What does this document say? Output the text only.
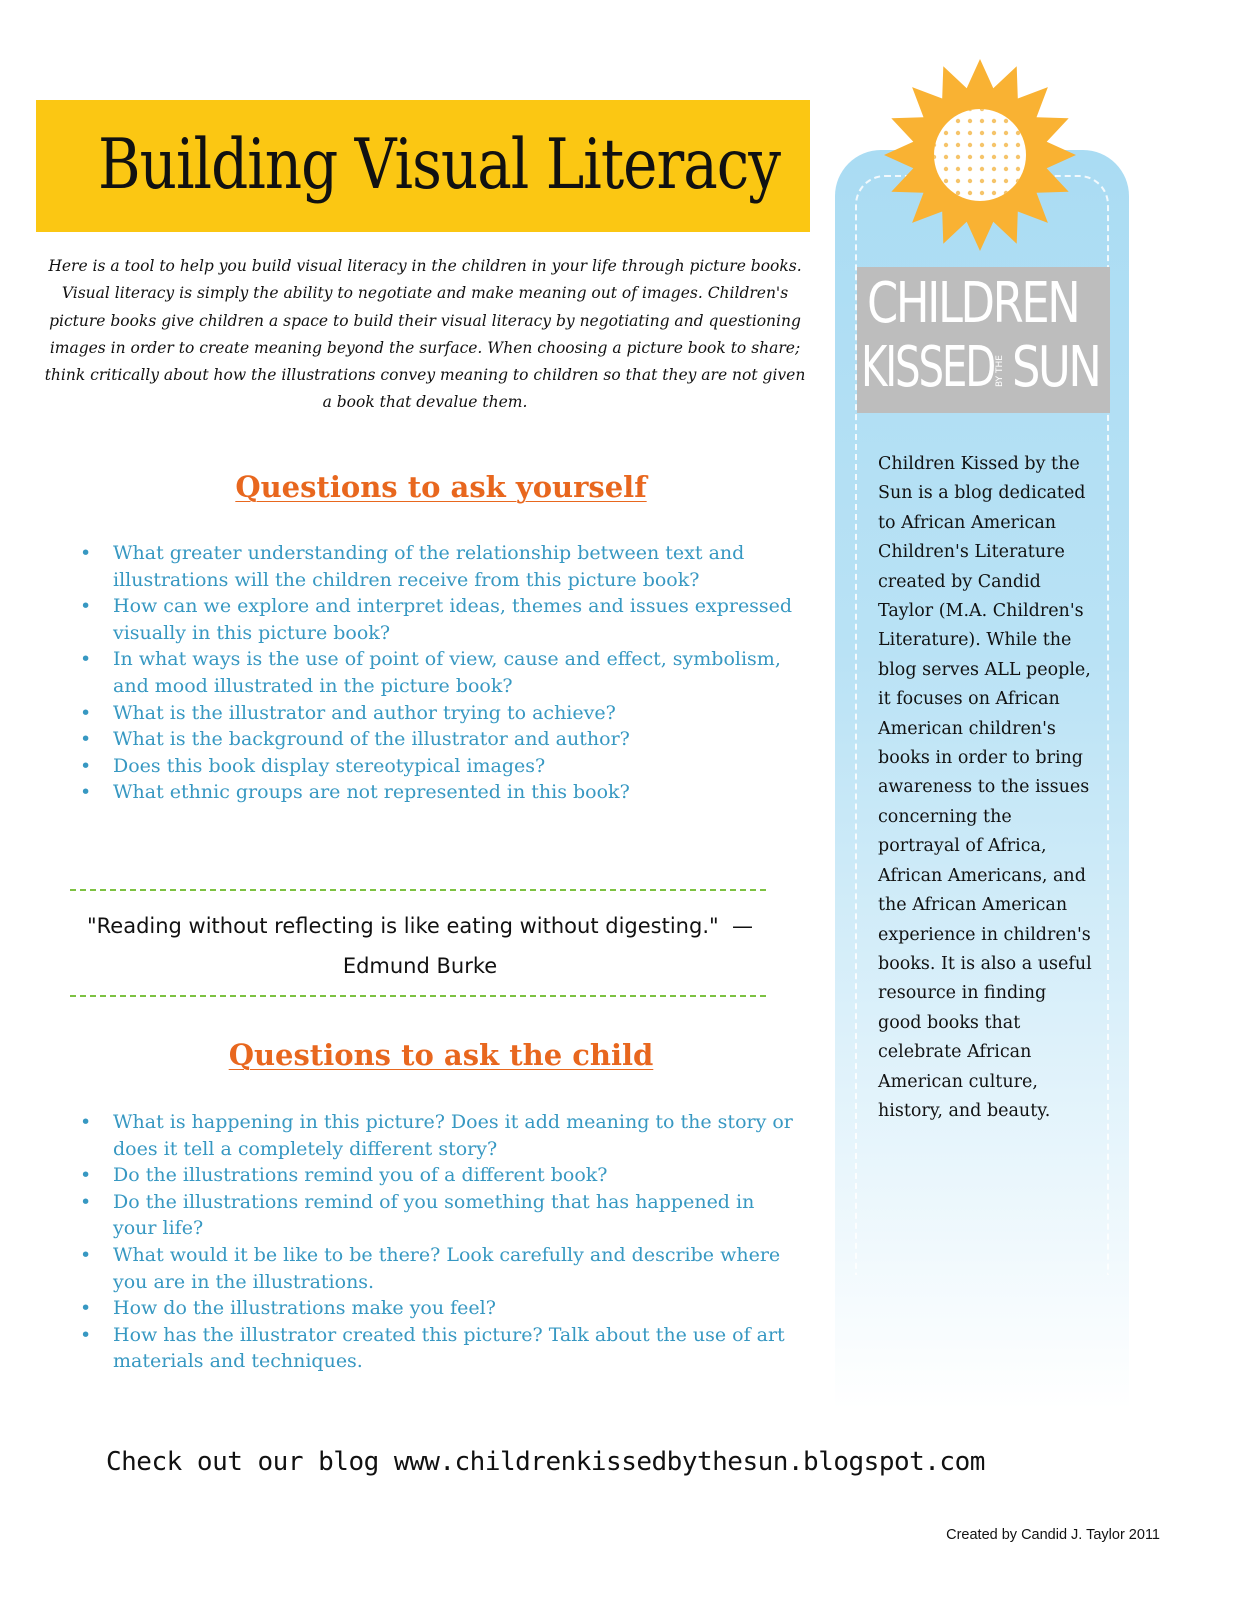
Building Visual Literacy

Here is a tool to help you build visual literacy in the children in your life through picture books. Visual literacy is simply the ability to negotiate and make meaning out of images. Children's picture books give children a space to build their visual literacy by negotiating and questioning images in order to create meaning beyond the surface. When choosing a picture book to share; think critically about how the illustrations convey meaning to children so that they are not given a book that devalue them.

Questions to ask yourself
• What greater understanding of the relationship between text and illustrations will the children receive from this picture book?
• How can we explore and interpret ideas, themes and issues expressed visually in this picture book?
• In what ways is the use of point of view, cause and effect, symbolism, and mood illustrated in the picture book?
• What is the illustrator and author trying to achieve?
• What is the background of the illustrator and author?
• Does this book display stereotypical images?
• What ethnic groups are not represented in this book?
"Reading without reflecting is like eating without digesting." —Edmund Burke
Questions to ask the child
• What is happening in this picture? Does it add meaning to the story or does it tell a completely different story?
• Do the illustrations remind you of a different book?
• Do the illustrations remind of you something that has happened in your life?
• What would it be like to be there? Look carefully and describe where you are in the illustrations.
• How do the illustrations make you feel?
• How has the illustrator created this picture? Talk about the use of art materials and techniques.
CHILDREN
KISSED BY THE SUN

Children Kissed by the Sun is a blog dedicated to African American Children's Literature created by Candid Taylor (M.A. Children's Literature). While the blog serves ALL people, it focuses on African American children's books in order to bring awareness to the issues concerning the portrayal of Africa, African Americans, and the African American experience in children's books. It is also a useful resource in finding good books that celebrate African American culture, history, and beauty.

Check out our blog www.childrenkissedbythesun.blogspot.com
Created by Candid J. Taylor 2011
